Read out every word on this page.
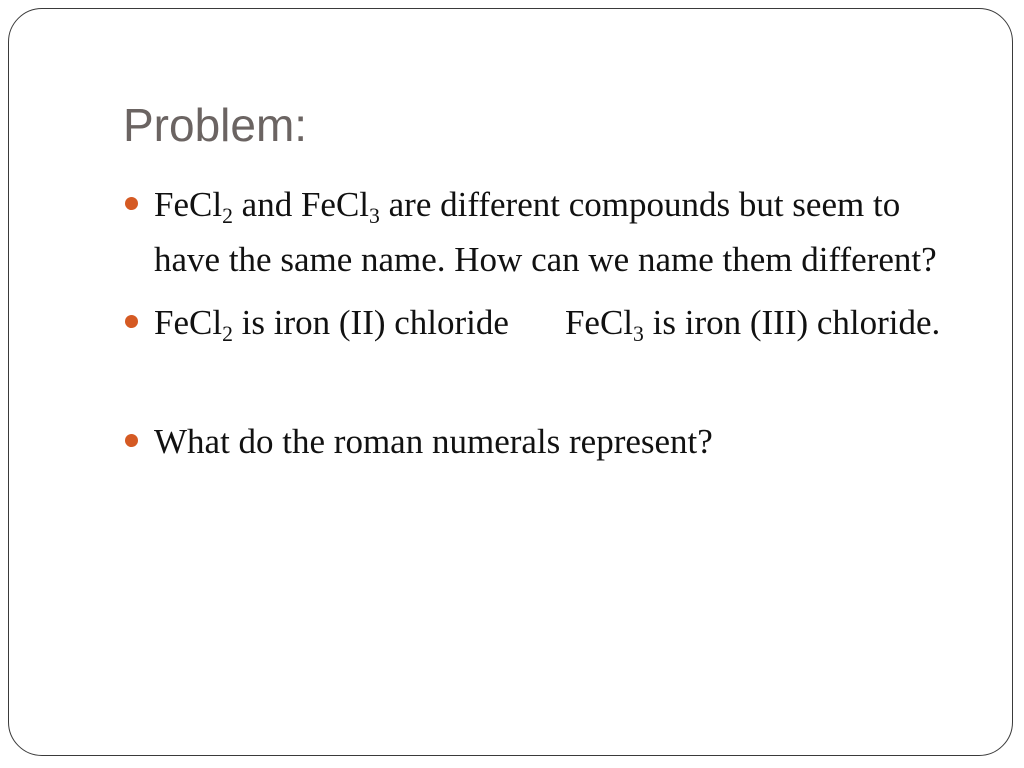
Problem:
FeCl$_2$ and FeCl$_3$ are different compounds but seem to have the same name. How can we name them different?
FeCl$_2$ is iron (II) chloride FeCl$_3$ is iron (III) chloride.
What do the roman numerals represent?
